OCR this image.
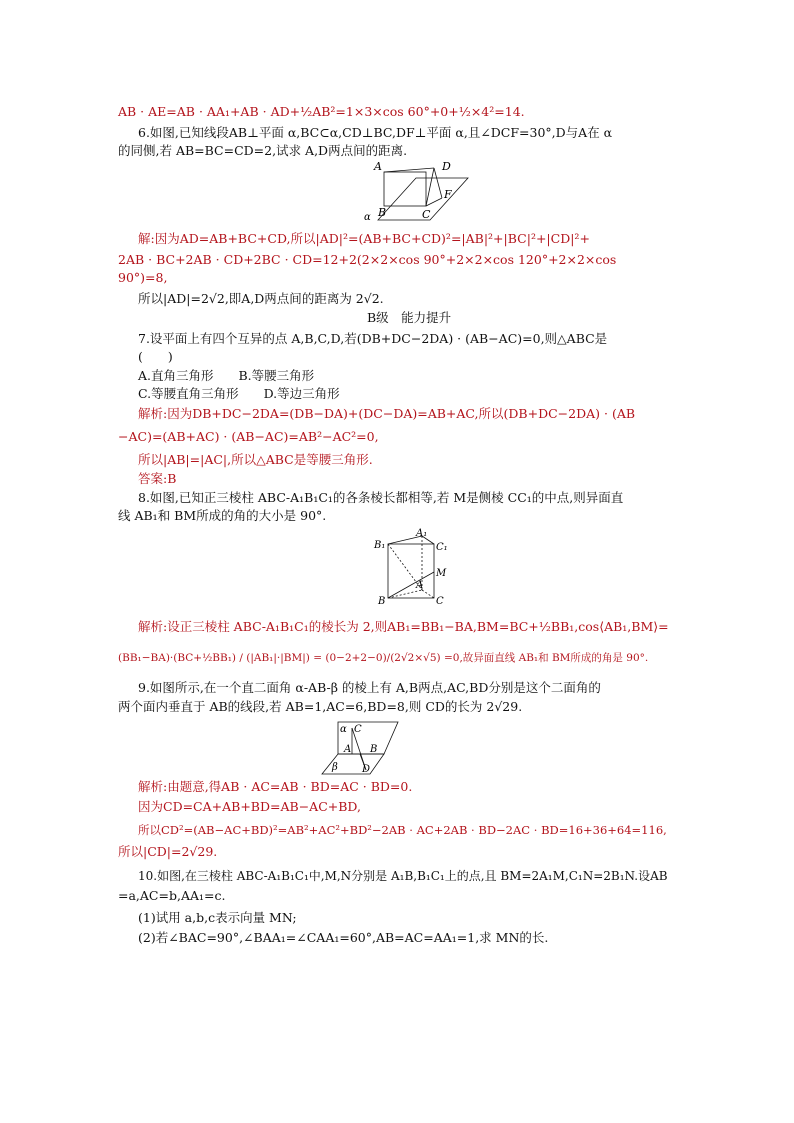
AB · AE=AB · AA₁+AB · AD+½AB²=1×3×cos 60°+0+½×4²=14.
6.如图,已知线段AB⊥平面 α,BC⊂α,CD⊥BC,DF⊥平面 α,且∠DCF=30°,D与A在 α
的同侧,若 AB=BC=CD=2,试求 A,D两点间的距离.
A
B	C
D
F
α
解:因为AD=AB+BC+CD,所以|AD|²=(AB+BC+CD)²=|AB|²+|BC|²+|CD|²+
2AB · BC+2AB · CD+2BC · CD=12+2(2×2×cos 90°+2×2×cos 120°+2×2×cos
90°)=8,
所以|AD|=2√2,即A,D两点间的距离为 2√2.
B级　能力提升
7.设平面上有四个互异的点 A,B,C,D,若(DB+DC−2DA) · (AB−AC)=0,则△ABC是
(　　)
A.直角三角形　　B.等腰三角形
C.等腰直角三角形　　D.等边三角形
解析:因为DB+DC−2DA=(DB−DA)+(DC−DA)=AB+AC,所以(DB+DC−2DA) · (AB
−AC)=(AB+AC) · (AB−AC)=AB²−AC²=0,
所以|AB|=|AC|,所以△ABC是等腰三角形.
答案:B
8.如图,已知正三棱柱 ABC-A₁B₁C₁的各条棱长都相等,若 M是侧棱 CC₁的中点,则异面直
线 AB₁和 BM所成的角的大小是 90°.
A₁
B₁	C₁
M
A
B	C
解析:设正三棱柱 ABC-A₁B₁C₁的棱长为 2,则AB₁=BB₁−BA,BM=BC+½BB₁,cos⟨AB₁,BM⟩=
(BB₁−BA)·(BC+½BB₁) / (|AB₁|·|BM|) = (0−2+2−0)/(2√2×√5) =0,故异面直线 AB₁和 BM所成的角是 90°.
9.如图所示,在一个直二面角 α-AB-β 的棱上有 A,B两点,AC,BD分别是这个二面角的
两个面内垂直于 AB的线段,若 AB=1,AC=6,BD=8,则 CD的长为 2√29.
α C
A B
β D
解析:由题意,得AB · AC=AB · BD=AC · BD=0.
因为CD=CA+AB+BD=AB−AC+BD,
所以CD²=(AB−AC+BD)²=AB²+AC²+BD²−2AB · AC+2AB · BD−2AC · BD=16+36+64=116,
所以|CD|=2√29.
10.如图,在三棱柱 ABC-A₁B₁C₁中,M,N分别是 A₁B,B₁C₁上的点,且 BM=2A₁M,C₁N=2B₁N.设AB
=a,AC=b,AA₁=c.
(1)试用 a,b,c表示向量 MN;
(2)若∠BAC=90°,∠BAA₁=∠CAA₁=60°,AB=AC=AA₁=1,求 MN的长.
